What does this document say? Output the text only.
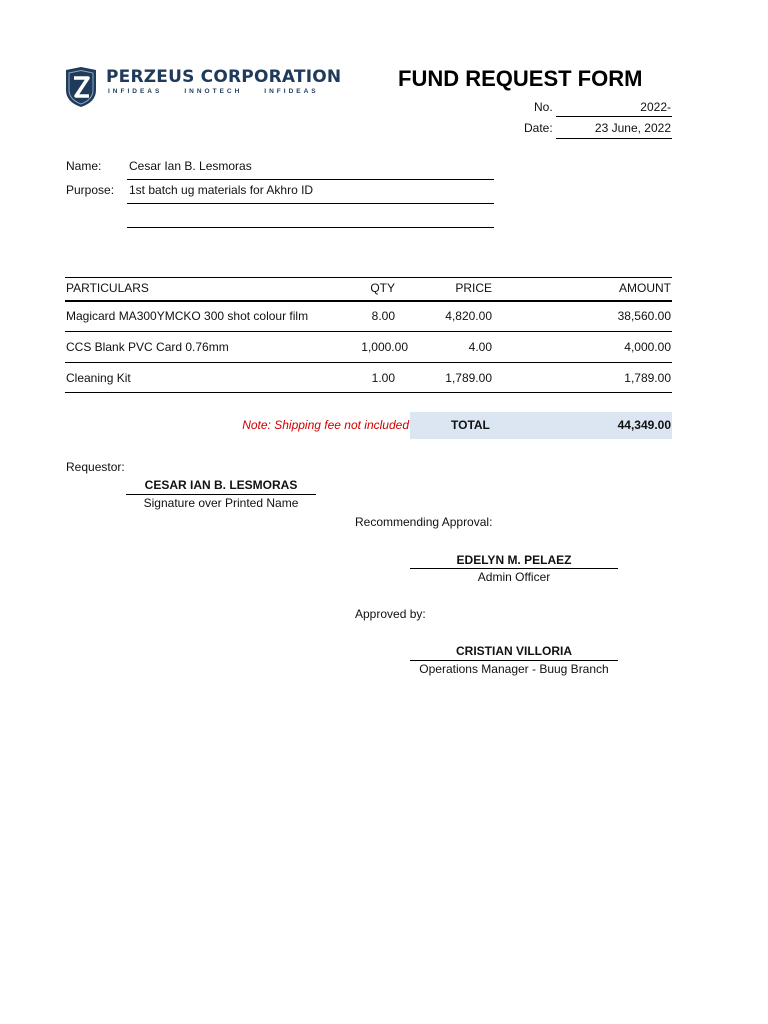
PERZEUS CORPORATION
INFIDEAS	INNOTECH	INFIDEAS
FUND REQUEST FORM
No.	2022-
Date:	23 June, 2022
Name: Cesar Ian B. Lesmoras
Purpose: 1st batch ug materials for Akhro ID
PARTICULARS	QTY	PRICE	AMOUNT
Magicard MA300YMCKO 300 shot colour film	8.00	4,820.00	38,560.00
CCS Blank PVC Card 0.76mm	1,000.00	4.00	4,000.00
Cleaning Kit	1.00	1,789.00	1,789.00
Note: Shipping fee not included	TOTAL	44,349.00
Requestor:
CESAR IAN B. LESMORAS
Signature over Printed Name
Recommending Approval:
EDELYN M. PELAEZ
Admin Officer
Approved by:
CRISTIAN VILLORIA
Operations Manager - Buug Branch
